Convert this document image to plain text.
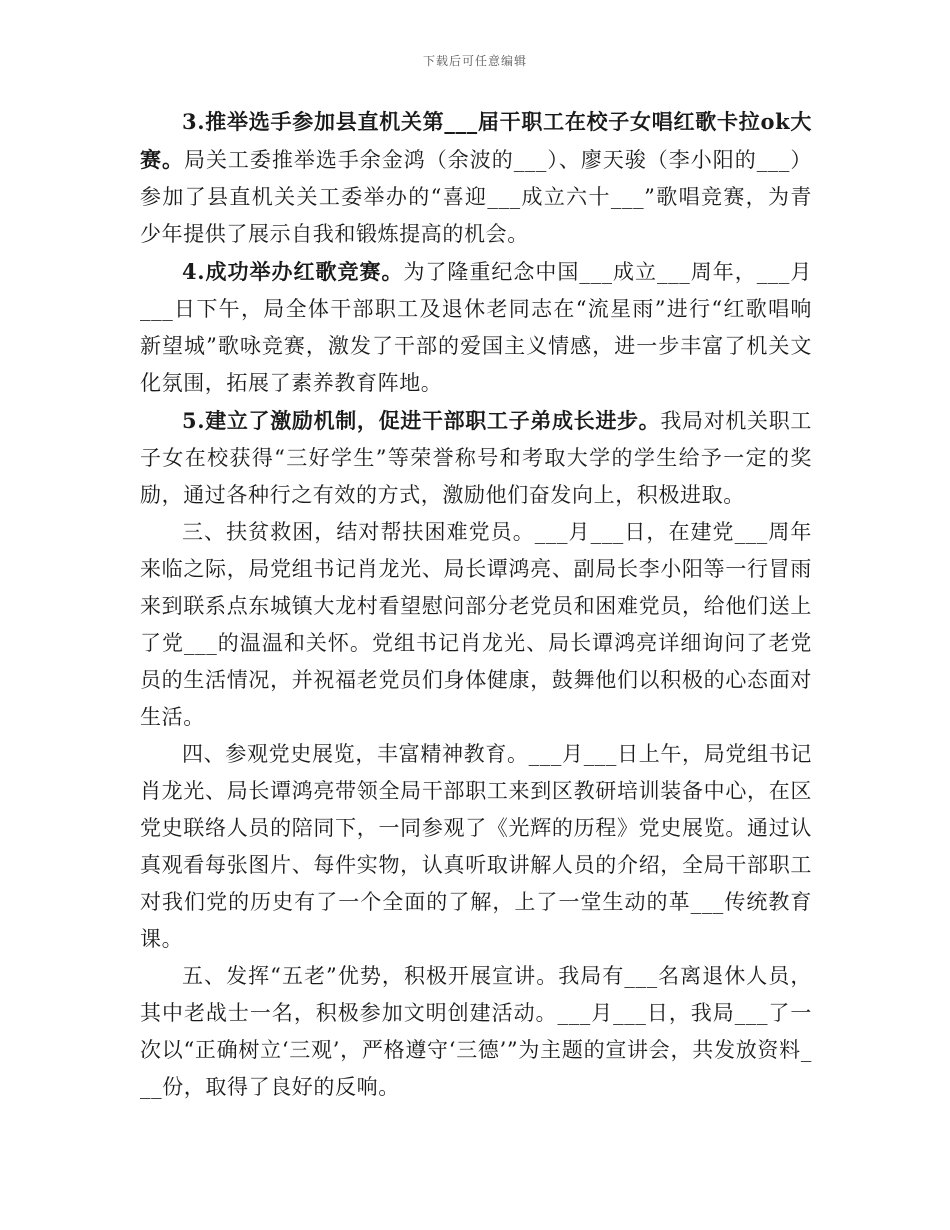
下载后可任意编辑

3.推举选手参加县直机关第___届干职工在校子女唱红歌卡拉ok大赛。局关工委推举选手余金鸿（余波的___）、廖天骏（李小阳的___）参加了县直机关关工委举办的“喜迎___成立六十___”歌唱竞赛，为青少年提供了展示自我和锻炼提高的机会。

4.成功举办红歌竞赛。为了隆重纪念中国___成立___周年，___月___日下午，局全体干部职工及退休老同志在“流星雨”进行“红歌唱响新望城”歌咏竞赛，激发了干部的爱国主义情感，进一步丰富了机关文化氛围，拓展了素养教育阵地。

5.建立了激励机制，促进干部职工子弟成长进步。我局对机关职工子女在校获得“三好学生”等荣誉称号和考取大学的学生给予一定的奖励，通过各种行之有效的方式，激励他们奋发向上，积极进取。

三、扶贫救困，结对帮扶困难党员。___月___日，在建党___周年来临之际，局党组书记肖龙光、局长谭鸿亮、副局长李小阳等一行冒雨来到联系点东城镇大龙村看望慰问部分老党员和困难党员，给他们送上了党___的温温和关怀。党组书记肖龙光、局长谭鸿亮详细询问了老党员的生活情况，并祝福老党员们身体健康，鼓舞他们以积极的心态面对生活。

四、参观党史展览，丰富精神教育。___月___日上午，局党组书记肖龙光、局长谭鸿亮带领全局干部职工来到区教研培训装备中心，在区党史联络人员的陪同下，一同参观了《光辉的历程》党史展览。通过认真观看每张图片、每件实物，认真听取讲解人员的介绍，全局干部职工对我们党的历史有了一个全面的了解，上了一堂生动的革___传统教育课。

五、发挥“五老”优势，积极开展宣讲。我局有___名离退休人员，其中老战士一名，积极参加文明创建活动。___月___日，我局___了一次以“正确树立‘三观’，严格遵守‘三德’”为主题的宣讲会，共发放资料___份，取得了良好的反响。
